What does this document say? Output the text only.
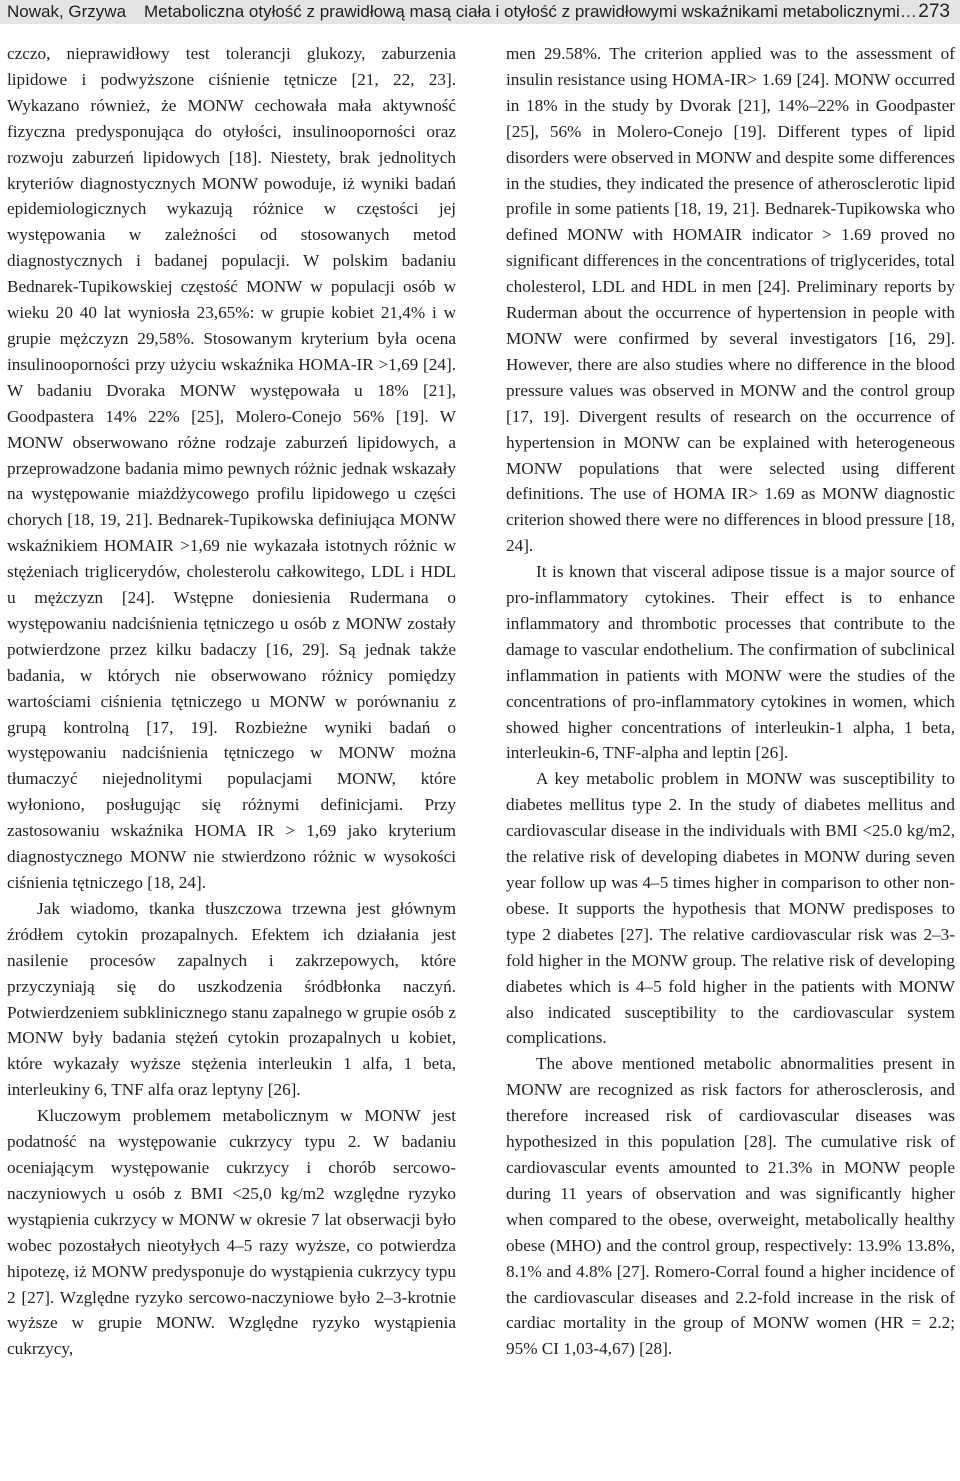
Nowak, Grzywa Metaboliczna otyłość z prawidłową masą ciała i otyłość z prawidłowymi wskaźnikami metabolicznymi… 273

czczo, nieprawidłowy test tolerancji glukozy, zaburzenia lipidowe i podwyższone ciśnienie tętnicze [21, 22, 23]. Wykazano również, że MONW cechowała mała aktywność fizyczna predysponująca do otyłości, insulinooporności oraz rozwoju zaburzeń lipidowych [18]. Niestety, brak jednolitych kryteriów diagnostycznych MONW powoduje, iż wyniki badań epidemiologicznych wykazują różnice w częstości jej występowania w zależności od stosowanych metod diagnostycznych i badanej populacji. W polskim badaniu Bednarek-Tupikowskiej częstość MONW w populacji osób w wieku 20 40 lat wyniosła 23,65%: w grupie kobiet 21,4% i w grupie mężczyzn 29,58%. Stosowanym kryterium była ocena insulinooporności przy użyciu wskaźnika HOMA-IR >1,69 [24]. W badaniu Dvoraka MONW występowała u 18% [21], Goodpastera 14% 22% [25], Molero-Conejo 56% [19]. W MONW obserwowano różne rodzaje zaburzeń lipidowych, a przeprowadzone badania mimo pewnych różnic jednak wskazały na występowanie miażdżycowego profilu lipidowego u części chorych [18, 19, 21]. Bednarek-Tupikowska definiująca MONW wskaźnikiem HOMAIR >1,69 nie wykazała istotnych różnic w stężeniach triglicerydów, cholesterolu całkowitego, LDL i HDL u mężczyzn [24]. Wstępne doniesienia Rudermana o występowaniu nadciśnienia tętniczego u osób z MONW zostały potwierdzone przez kilku badaczy [16, 29]. Są jednak także badania, w których nie obserwowano różnicy pomiędzy wartościami ciśnienia tętniczego u MONW w porównaniu z grupą kontrolną [17, 19]. Rozbieżne wyniki badań o występowaniu nadciśnienia tętniczego w MONW można tłumaczyć niejednolitymi populacjami MONW, które wyłoniono, posługując się różnymi definicjami. Przy zastosowaniu wskaźnika HOMA IR > 1,69 jako kryterium diagnostycznego MONW nie stwierdzono różnic w wysokości ciśnienia tętniczego [18, 24].

Jak wiadomo, tkanka tłuszczowa trzewna jest głównym źródłem cytokin prozapalnych. Efektem ich działania jest nasilenie procesów zapalnych i zakrzepowych, które przyczyniają się do uszkodzenia śródbłonka naczyń. Potwierdzeniem subklinicznego stanu zapalnego w grupie osób z MONW były badania stężeń cytokin prozapalnych u kobiet, które wykazały wyższe stężenia interleukin 1 alfa, 1 beta, interleukiny 6, TNF alfa oraz leptyny [26].

Kluczowym problemem metabolicznym w MONW jest podatność na występowanie cukrzycy typu 2. W badaniu oceniającym występowanie cukrzycy i chorób sercowo-naczyniowych u osób z BMI <25,0 kg/m2 względne ryzyko wystąpienia cukrzycy w MONW w okresie 7 lat obserwacji było wobec pozostałych nieotyłych 4–5 razy wyższe, co potwierdza hipotezę, iż MONW predysponuje do wystąpienia cukrzycy typu 2 [27]. Względne ryzyko sercowo-naczyniowe było 2–3-krotnie wyższe w grupie MONW. Względne ryzyko wystąpienia cukrzycy,

men 29.58%. The criterion applied was to the assessment of insulin resistance using HOMA-IR> 1.69 [24]. MONW occurred in 18% in the study by Dvorak [21], 14%–22% in Goodpaster [25], 56% in Molero-Conejo [19]. Different types of lipid disorders were observed in MONW and despite some differences in the studies, they indicated the presence of atherosclerotic lipid profile in some patients [18, 19, 21]. Bednarek-Tupikowska who defined MONW with HOMAIR indicator > 1.69 proved no significant differences in the concentrations of triglycerides, total cholesterol, LDL and HDL in men [24]. Preliminary reports by Ruderman about the occurrence of hypertension in people with MONW were confirmed by several investigators [16, 29]. However, there are also studies where no difference in the blood pressure values was observed in MONW and the control group [17, 19]. Divergent results of research on the occurrence of hypertension in MONW can be explained with heterogeneous MONW populations that were selected using different definitions. The use of HOMA IR> 1.69 as MONW diagnostic criterion showed there were no differences in blood pressure [18, 24].

It is known that visceral adipose tissue is a major source of pro-inflammatory cytokines. Their effect is to enhance inflammatory and thrombotic processes that contribute to the damage to vascular endothelium. The confirmation of subclinical inflammation in patients with MONW were the studies of the concentrations of pro-inflammatory cytokines in women, which showed higher concentrations of interleukin-1 alpha, 1 beta, interleukin-6, TNF-alpha and leptin [26].

A key metabolic problem in MONW was susceptibility to diabetes mellitus type 2. In the study of diabetes mellitus and cardiovascular disease in the individuals with BMI <25.0 kg/m2, the relative risk of developing diabetes in MONW during seven year follow up was 4–5 times higher in comparison to other non-obese. It supports the hypothesis that MONW predisposes to type 2 diabetes [27]. The relative cardiovascular risk was 2–3-fold higher in the MONW group. The relative risk of developing diabetes which is 4–5 fold higher in the patients with MONW also indicated susceptibility to the cardiovascular system complications.

The above mentioned metabolic abnormalities present in MONW are recognized as risk factors for atherosclerosis, and therefore increased risk of cardiovascular diseases was hypothesized in this population [28]. The cumulative risk of cardiovascular events amounted to 21.3% in MONW people during 11 years of observation and was significantly higher when compared to the obese, overweight, metabolically healthy obese (MHO) and the control group, respectively: 13.9% 13.8%, 8.1% and 4.8% [27]. Romero-Corral found a higher incidence of the cardiovascular diseases and 2.2-fold increase in the risk of cardiac mortality in the group of MONW women (HR = 2.2; 95% CI 1,03-4,67) [28].
